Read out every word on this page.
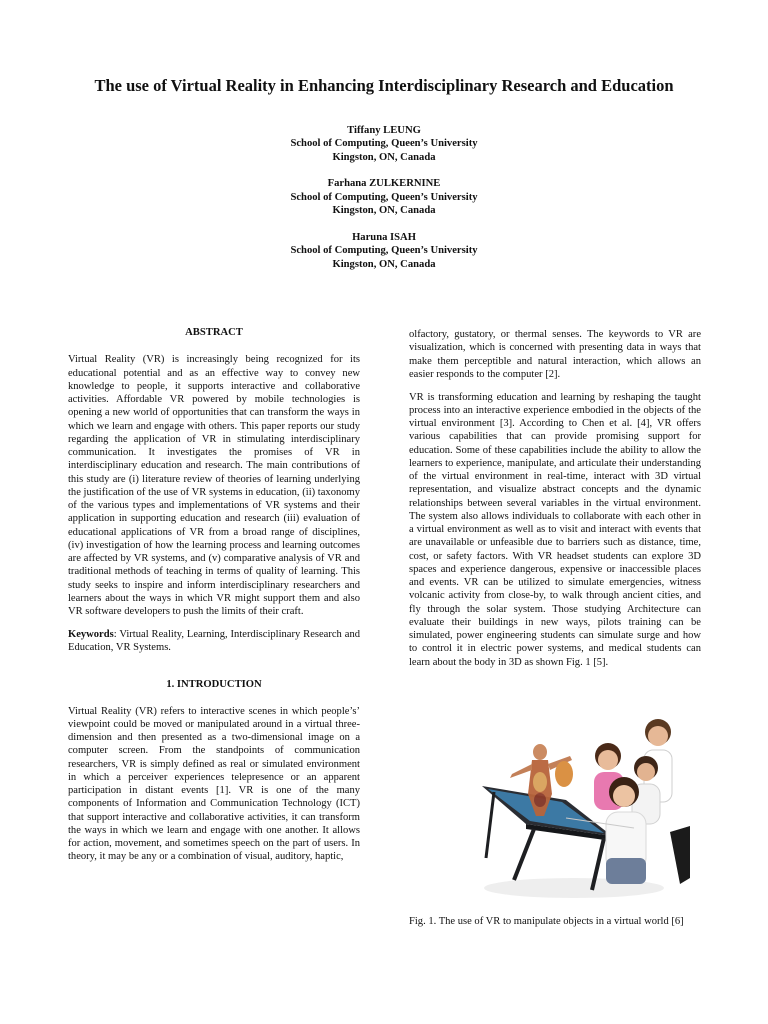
The use of Virtual Reality in Enhancing Interdisciplinary Research and Education
Tiffany LEUNG
School of Computing, Queen’s University
Kingston, ON, Canada
Farhana ZULKERNINE
School of Computing, Queen’s University
Kingston, ON, Canada
Haruna ISAH
School of Computing, Queen’s University
Kingston, ON, Canada
ABSTRACT

Virtual Reality (VR) is increasingly being recognized for its educational potential and as an effective way to convey new knowledge to people, it supports interactive and collaborative activities. Affordable VR powered by mobile technologies is opening a new world of opportunities that can transform the ways in which we learn and engage with others. This paper reports our study regarding the application of VR in stimulating interdisciplinary communication. It investigates the promises of VR in interdisciplinary education and research. The main contributions of this study are (i) literature review of theories of learning underlying the justification of the use of VR systems in education, (ii) taxonomy of the various types and implementations of VR systems and their application in supporting education and research (iii) evaluation of educational applications of VR from a broad range of disciplines, (iv) investigation of how the learning process and learning outcomes are affected by VR systems, and (v) comparative analysis of VR and traditional methods of teaching in terms of quality of learning. This study seeks to inspire and inform interdisciplinary researchers and learners about the ways in which VR might support them and also VR software developers to push the limits of their craft.

Keywords: Virtual Reality, Learning, Interdisciplinary Research and Education, VR Systems.

1. INTRODUCTION

Virtual Reality (VR) refers to interactive scenes in which people’s’ viewpoint could be moved or manipulated around in a virtual three-dimension and then presented as a two-dimensional image on a computer screen. From the standpoints of communication researchers, VR is simply defined as real or simulated environment in which a perceiver experiences telepresence or an apparent participation in distant events [1]. VR is one of the many components of Information and Communication Technology (ICT) that support interactive and collaborative activities, it can transform the ways in which we learn and engage with one another. It allows for action, movement, and sometimes speech on the part of users. In theory, it may be any or a combination of visual, auditory, haptic,

olfactory, gustatory, or thermal senses. The keywords to VR are visualization, which is concerned with presenting data in ways that make them perceptible and natural interaction, which allows an easier responds to the computer [2].

VR is transforming education and learning by reshaping the taught process into an interactive experience embodied in the objects of the virtual environment [3]. According to Chen et al. [4], VR offers various capabilities that can provide promising support for education. Some of these capabilities include the ability to allow the learners to experience, manipulate, and articulate their understanding of the virtual environment in real-time, interact with 3D virtual representation, and visualize abstract concepts and the dynamic relationships between several variables in the virtual environment. The system also allows individuals to collaborate with each other in a virtual environment as well as to visit and interact with events that are unavailable or unfeasible due to barriers such as distance, time, cost, or safety factors. With VR headset students can explore 3D spaces and experience dangerous, expensive or inaccessible places and events. VR can be utilized to simulate emergencies, witness volcanic activity from close-by, to walk through ancient cities, and fly through the solar system. Those studying Architecture can evaluate their buildings in new ways, pilots training can be simulated, power engineering students can simulate surge and how to control it in electric power systems, and medical students can learn about the body in 3D as shown Fig. 1 [5].

Fig. 1. The use of VR to manipulate objects in a virtual world [6]
